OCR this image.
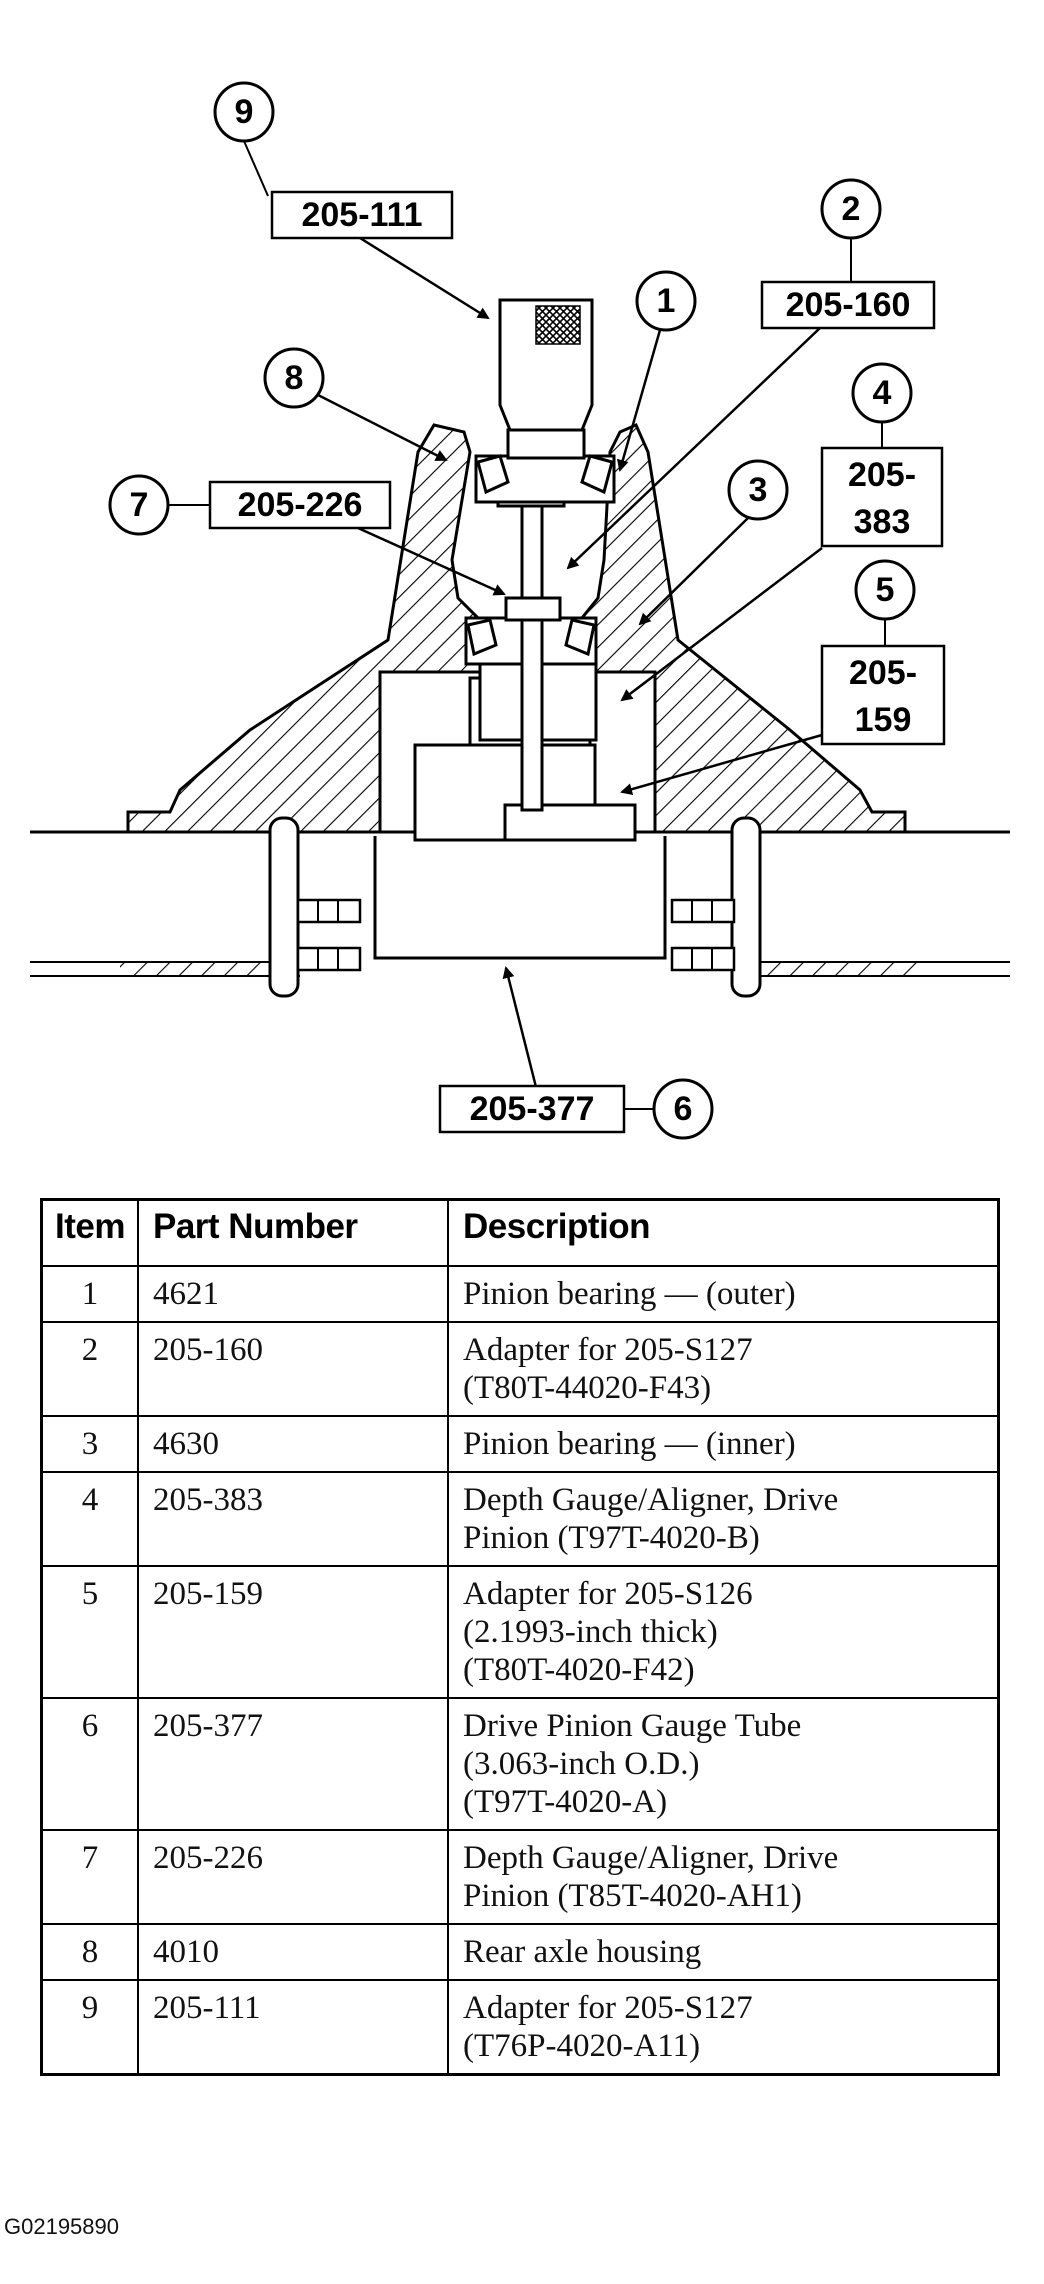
9
205-111	2
205-160
1
8	4
205-
383
7	205-226	3
5
205-
159
205-377 6
Item	Part Number	Description
1	4621	Pinion bearing — (outer)

2	205-160	Adapter for 205-S127
(T80T-44020-F43)

3	4630	Pinion bearing — (inner)

4	205-383	Depth Gauge/Aligner, Drive
Pinion (T97T-4020-B)

5	205-159	Adapter for 205-S126
(2.1993-inch thick)
(T80T-4020-F42)

6	205-377	Drive Pinion Gauge Tube
(3.063-inch O.D.)
(T97T-4020-A)

7	205-226	Depth Gauge/Aligner, Drive
Pinion (T85T-4020-AH1)

8	4010	Rear axle housing

9	205-111	Adapter for 205-S127
(T76P-4020-A11)
G02195890
